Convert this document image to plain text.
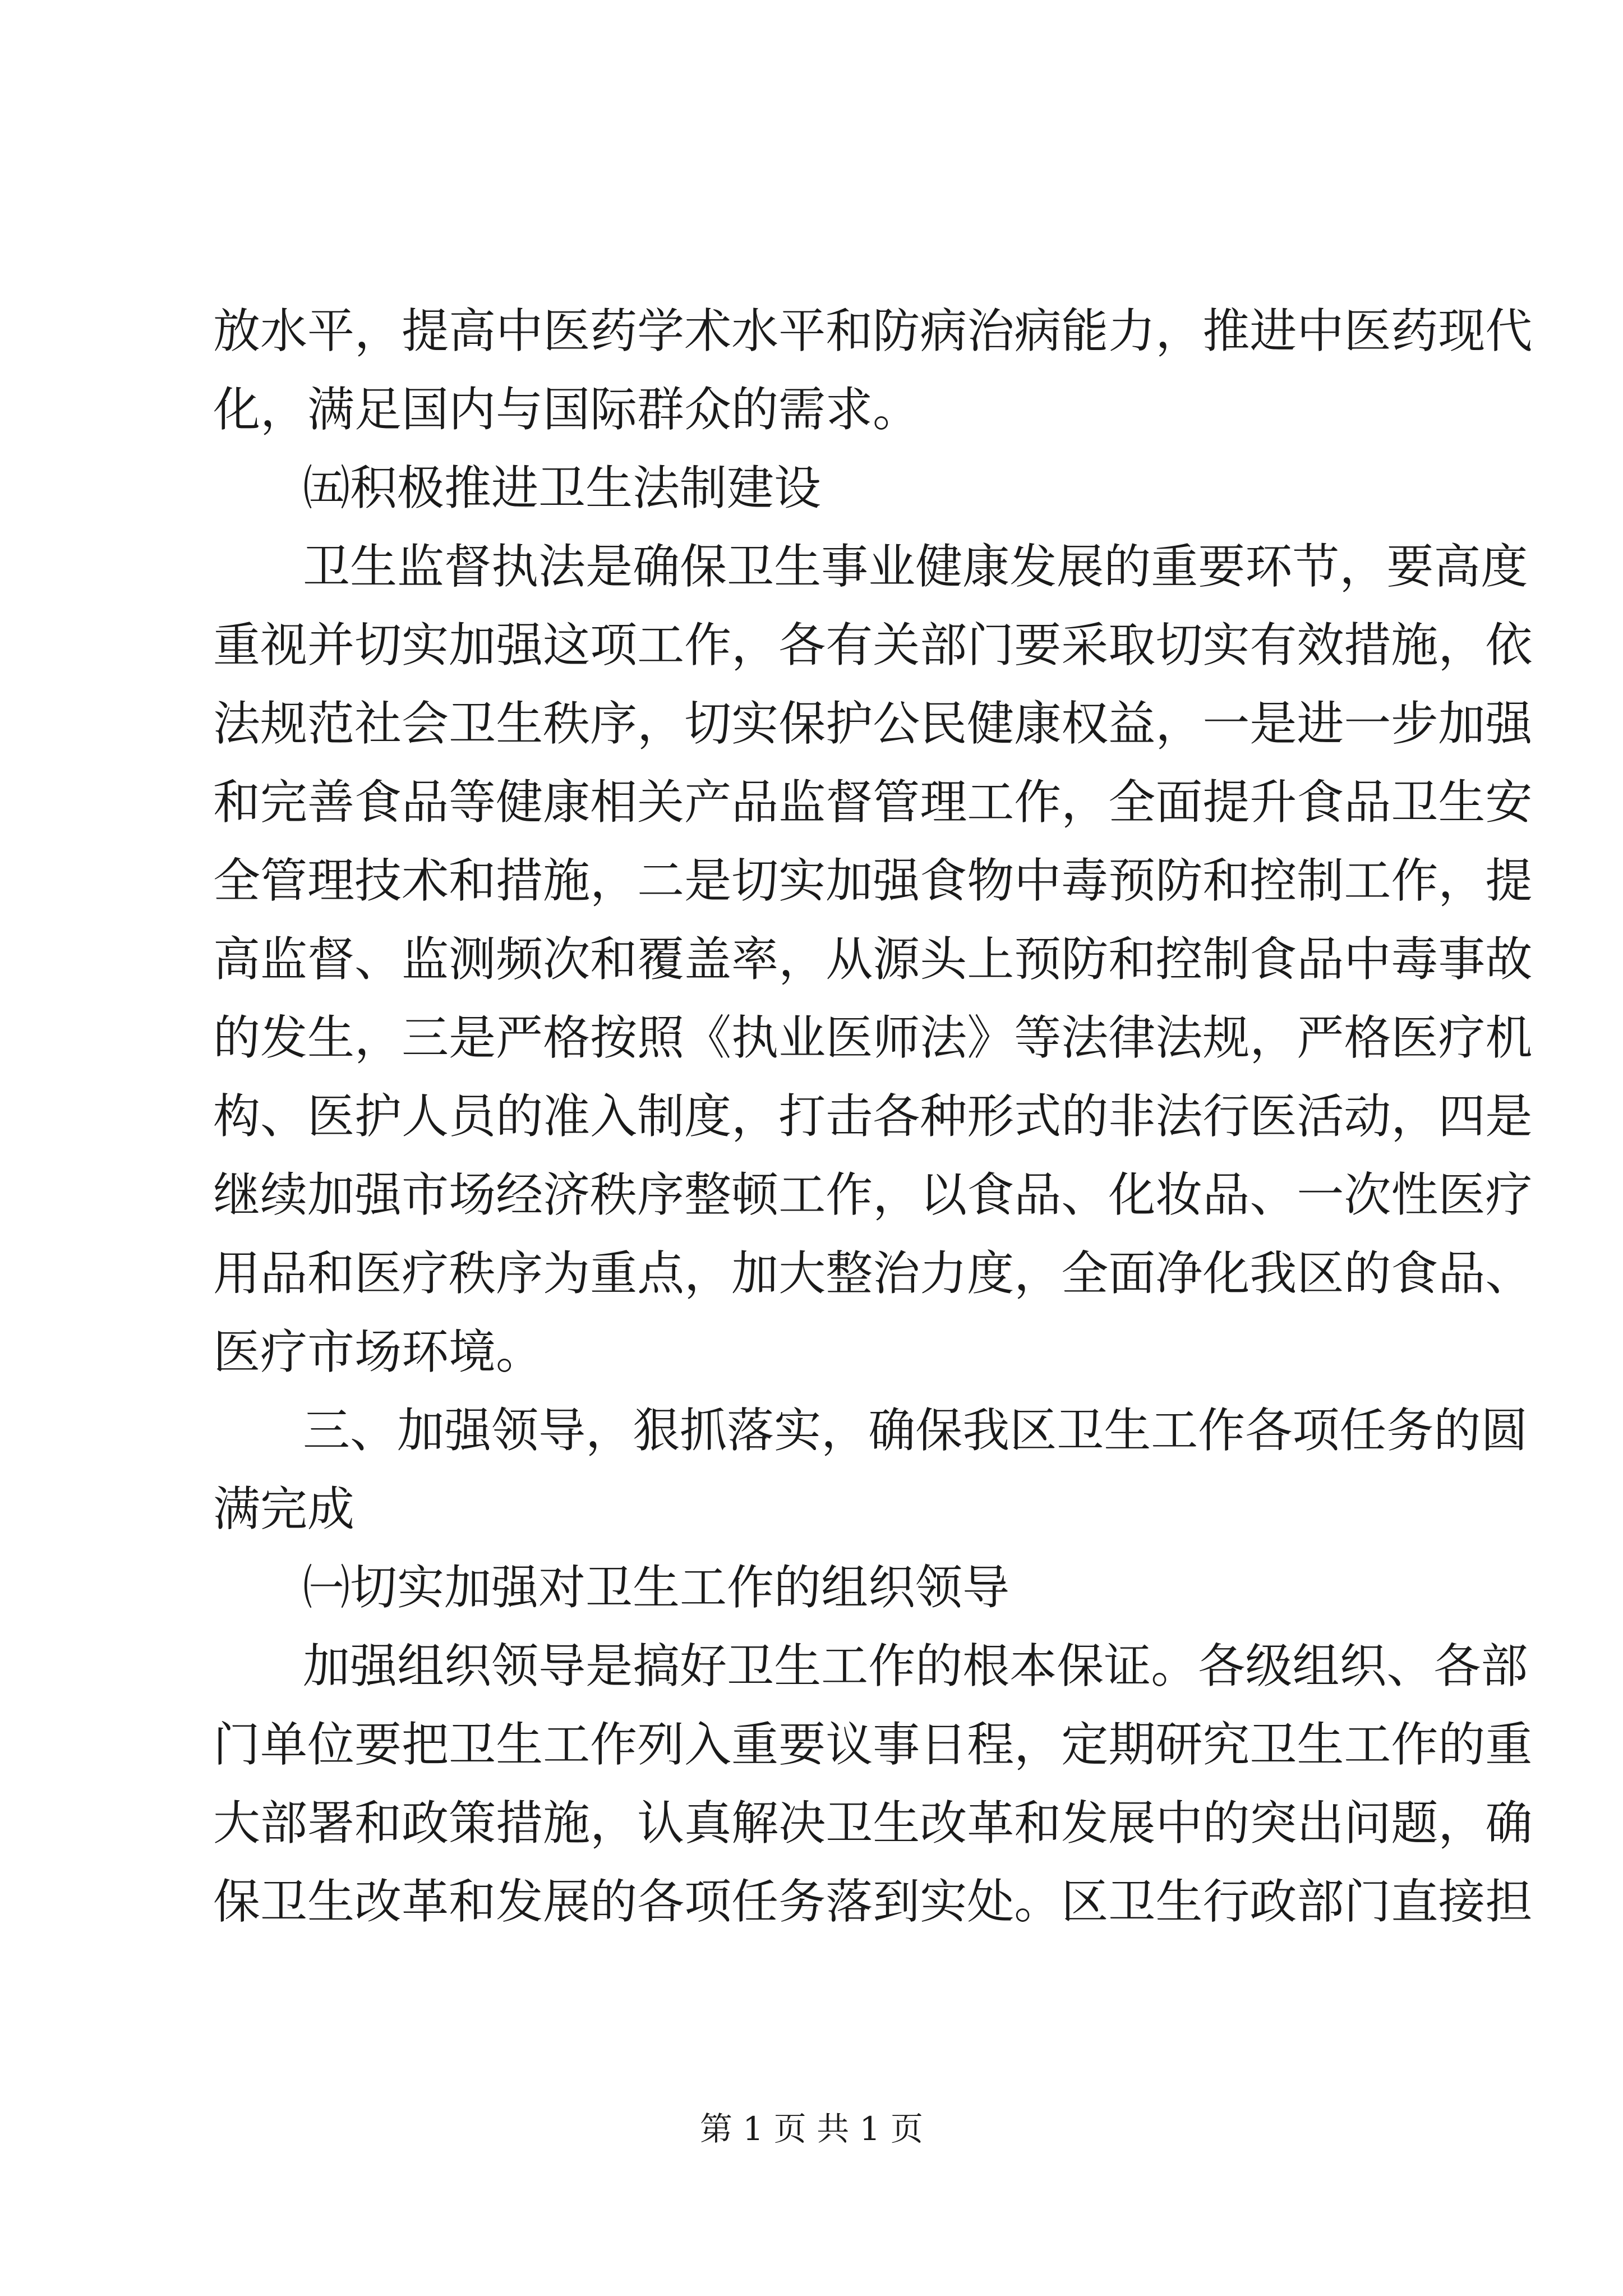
放 水 平 ， 提 高 中 医 药 学 术 水 平 和 防 病 治 病 能 力 ， 推 进 中 医 药 现 代
化，满足国内与国际群众的需求。
㈤积极推进卫生法制建设
卫 生 监 督 执 法 是 确 保 卫 生 事 业 健 康 发 展 的 重 要 环 节 ， 要 高 度
重 视 并 切 实 加 强 这 项 工 作 ， 各 有 关 部 门 要 采 取 切 实 有 效 措 施 ， 依
法 规 范 社 会 卫 生 秩 序 ， 切 实 保 护 公 民 健 康 权 益 ， 一 是 进 一 步 加 强
和 完 善 食 品 等 健 康 相 关 产 品 监 督 管 理 工 作 ， 全 面 提 升 食 品 卫 生 安
全 管 理 技 术 和 措 施 ， 二 是 切 实 加 强 食 物 中 毒 预 防 和 控 制 工 作 ， 提
高 监 督 、 监 测 频 次 和 覆 盖 率 ， 从 源 头 上 预 防 和 控 制 食 品 中 毒 事 故
的 发 生 ， 三 是 严 格 按 照 《 执 业 医 师 法 》 等 法 律 法 规 ， 严 格 医 疗 机
构 、 医 护 人 员 的 准 入 制 度 ， 打 击 各 种 形 式 的 非 法 行 医 活 动 ， 四 是
继 续 加 强 市 场 经 济 秩 序 整 顿 工 作 ， 以 食 品 、 化 妆 品 、 一 次 性 医 疗
用 品 和 医 疗 秩 序 为 重 点 ， 加 大 整 治 力 度 ， 全 面 净 化 我 区 的 食 品 、
医疗市场环境。
三 、 加 强 领 导 ， 狠 抓 落 实 ， 确 保 我 区 卫 生 工 作 各 项 任 务 的 圆
满完成
㈠切实加强对卫生工作的组织领导
加 强 组 织 领 导 是 搞 好 卫 生 工 作 的 根 本 保 证 。 各 级 组 织 、 各 部
门 单 位 要 把 卫 生 工 作 列 入 重 要 议 事 日 程 ， 定 期 研 究 卫 生 工 作 的 重
大 部 署 和 政 策 措 施 ， 认 真 解 决 卫 生 改 革 和 发 展 中 的 突 出 问 题 ， 确
保 卫 生 改 革 和 发 展 的 各 项 任 务 落 到 实 处 。 区 卫 生 行 政 部 门 直 接 担
第 1 页 共 1 页
